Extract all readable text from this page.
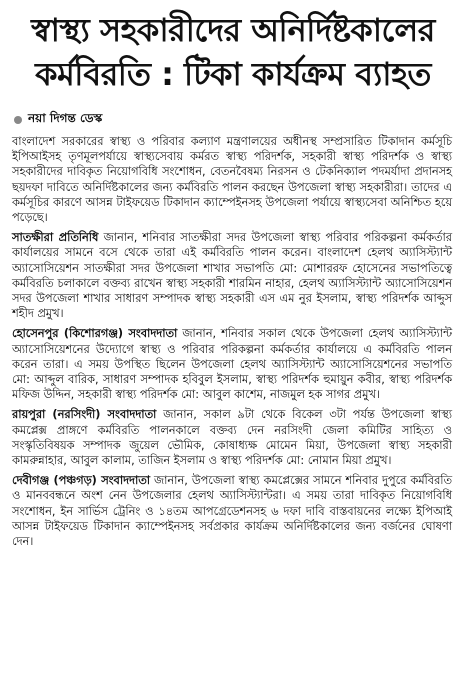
স্বাস্থ্য সহকারীদের অনির্দিষ্টকালের
কর্মবিরতি : টিকা কার্যক্রম ব্যাহত
নয়া দিগন্ত ডেস্ক

বাংলাদেশ সরকারের স্বাস্থ্য ও পরিবার কল্যাণ মন্ত্রণালয়ের অধীনস্থ সম্প্রসারিত টিকাদান কর্মসূচি ইপিআইসহ তৃণমূলপর্যায়ে স্বাস্থ্যসেবায় কর্মরত স্বাস্থ্য পরিদর্শক, সহকারী স্বাস্থ্য পরিদর্শক ও স্বাস্থ্য সহকারীদের দাবিকৃত নিয়োগবিধি সংশোধন, বেতনবৈষম্য নিরসন ও টেকনিক্যাল পদমর্যাদা প্রদানসহ ছয়দফা দাবিতে অনির্দিষ্টকালের জন্য কর্মবিরতি পালন করছেন উপজেলা স্বাস্থ্য সহকারীরা। তাদের এ কর্মসূচির কারণে আসন্ন টাইফয়েড টিকাদান ক্যাম্পেইনসহ উপজেলা পর্যায়ে স্বাস্থ্যসেবা অনিশ্চিত হয়ে পড়েছে।

সাতক্ষীরা প্রতিনিধি জানান, শনিবার সাতক্ষীরা সদর উপজেলা স্বাস্থ্য পরিবার পরিকল্পনা কর্মকর্তার কার্যালয়ের সামনে বসে থেকে তারা এই কর্মবিরতি পালন করেন। বাংলাদেশ হেলথ অ্যাসিস্ট্যান্ট অ্যাসোসিয়েশন সাতক্ষীরা সদর উপজেলা শাখার সভাপতি মো: মোশাররফ হোসেনের সভাপতিত্বে কর্মবিরতি চলাকালে বক্তব্য রাখেন স্বাস্থ্য সহকারী শারমিন নাহার, হেলথ অ্যাসিস্ট্যান্ট অ্যাসোসিয়েশন সদর উপজেলা শাখার সাধারণ সম্পাদক স্বাস্থ্য সহকারী এস এম নুর ইসলাম, স্বাস্থ্য পরিদর্শক আব্দুস শহীদ প্রমুখ।

হোসেনপুর (কিশোরগঞ্জ) সংবাদদাতা জানান, শনিবার সকাল থেকে উপজেলা হেলথ অ্যাসিস্ট্যান্ট অ্যাসোসিয়েশনের উদ্যোগে স্বাস্থ্য ও পরিবার পরিকল্পনা কর্মকর্তার কার্যালয়ে এ কর্মবিরতি পালন করেন তারা। এ সময় উপস্থিত ছিলেন উপজেলা হেলথ অ্যাসিস্ট্যান্ট অ্যাসোসিয়েশনের সভাপতি মো: আব্দুল বারিক, সাধারণ সম্পাদক হবিবুল ইসলাম, স্বাস্থ্য পরিদর্শক হুমায়ুন কবীর, স্বাস্থ্য পরিদর্শক মফিজ উদ্দিন, সহকারী স্বাস্থ্য পরিদর্শক মো: আবুল কাশেম, নাজমুল হক সাগর প্রমুখ।

রায়পুরা (নরসিংদী) সংবাদদাতা জানান, সকাল ৯টা থেকে বিকেল ৩টা পর্যন্ত উপজেলা স্বাস্থ্য কমপ্লেক্স প্রাঙ্গণে কর্মবিরতি পালনকালে বক্তব্য দেন নরসিংদী জেলা কমিটির সাহিত্য ও সংস্কৃতিবিষয়ক সম্পাদক জুয়েল ভৌমিক, কোষাধ্যক্ষ মোমেন মিয়া, উপজেলা স্বাস্থ্য সহকারী কামরুন্নাহার, আবুল কালাম, তাজিন ইসলাম ও স্বাস্থ্য পরিদর্শক মো: নোমান মিয়া প্রমুখ।

দেবীগঞ্জ (পঞ্চগড়) সংবাদদাতা জানান, উপজেলা স্বাস্থ্য কমপ্লেক্সের সামনে শনিবার দুপুরে কর্মবিরতি ও মানববন্ধনে অংশ নেন উপজেলার হেলথ অ্যাসিস্ট্যান্টরা। এ সময় তারা দাবিকৃত নিয়োগবিধি সংশোধন, ইন সার্ভিস ট্রেনিং ও ১৪তম আপগ্রেডেশনসহ ৬ দফা দাবি বাস্তবায়নের লক্ষ্যে ইপিআই আসন্ন টাইফয়েড টিকাদান ক্যাম্পেইনসহ সর্বপ্রকার কার্যক্রম অনির্দিষ্টকালের জন্য বর্জনের ঘোষণা দেন।
